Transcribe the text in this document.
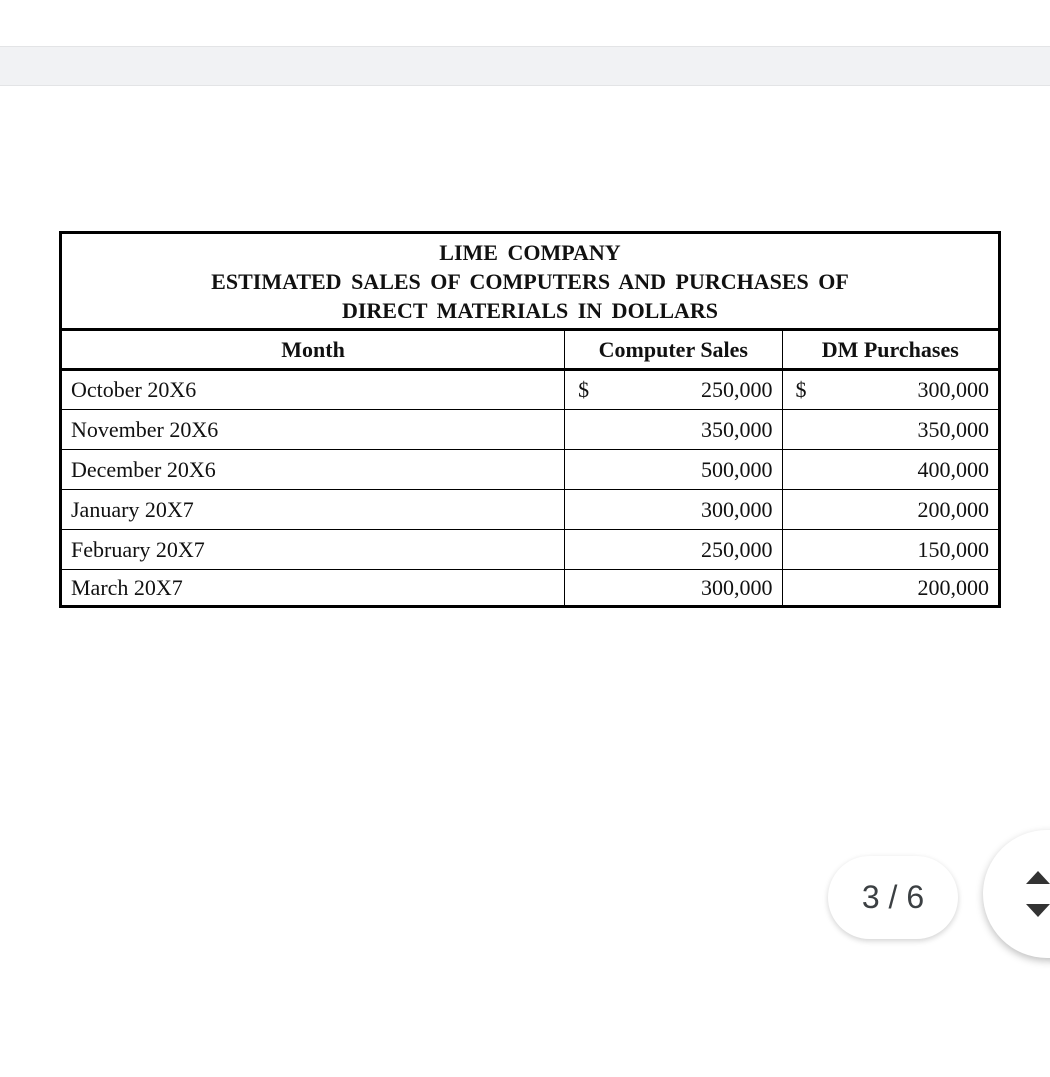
LIME COMPANY
ESTIMATED SALES OF COMPUTERS AND PURCHASES OF
DIRECT MATERIALS IN DOLLARS		

Month	Computer Sales	DM Purchases
October 20X6	$ 250,000	$ 300,000
November 20X6	350,000	350,000
December 20X6	500,000	400,000
January 20X7	300,000	200,000
February 20X7	250,000	150,000
March 20X7	300,000	200,000
3 / 6
